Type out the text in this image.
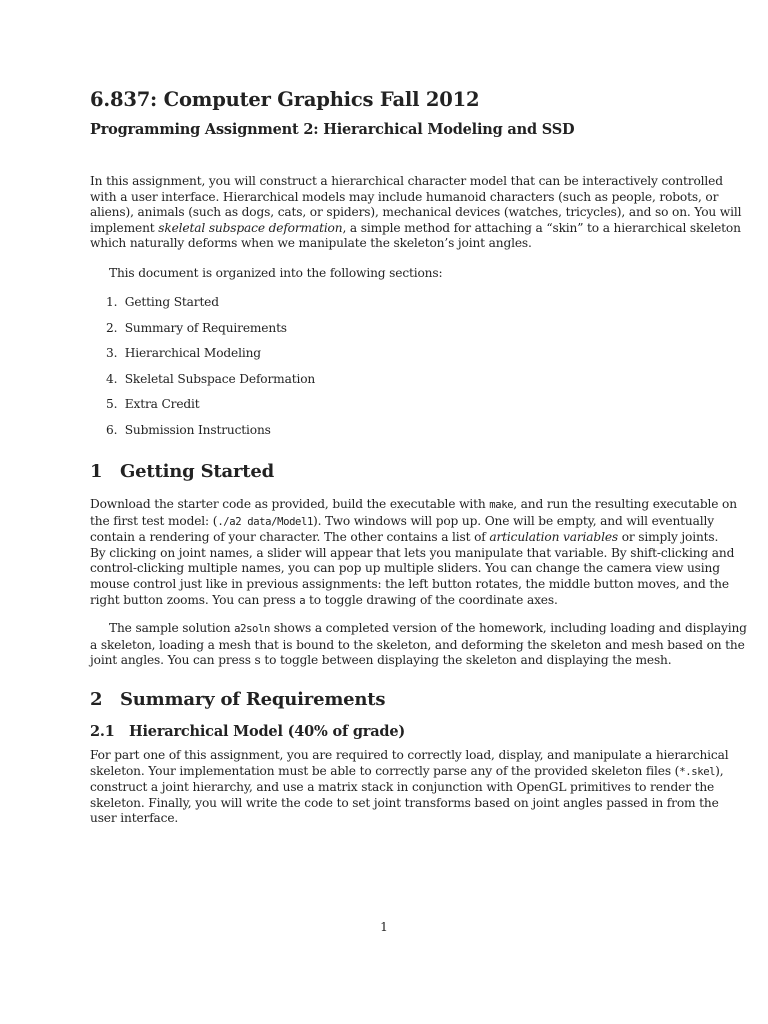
6.837: Computer Graphics Fall 2012
Programming Assignment 2: Hierarchical Modeling and SSD
In this assignment, you will construct a hierarchical character model that can be interactively controlled
with a user interface. Hierarchical models may include humanoid characters (such as people, robots, or
aliens), animals (such as dogs, cats, or spiders), mechanical devices (watches, tricycles), and so on. You will
implement skeletal subspace deformation, a simple method for attaching a “skin” to a hierarchical skeleton
which naturally deforms when we manipulate the skeleton’s joint angles.
This document is organized into the following sections:
1. Getting Started
2. Summary of Requirements
3. Hierarchical Modeling
4. Skeletal Subspace Deformation
5. Extra Credit
6. Submission Instructions
1 Getting Started
Download the starter code as provided, build the executable with make, and run the resulting executable on
the first test model: (./a2 data/Model1). Two windows will pop up. One will be empty, and will eventually
contain a rendering of your character. The other contains a list of articulation variables or simply joints.
By clicking on joint names, a slider will appear that lets you manipulate that variable. By shift-clicking and
control-clicking multiple names, you can pop up multiple sliders. You can change the camera view using
mouse control just like in previous assignments: the left button rotates, the middle button moves, and the
right button zooms. You can press a to toggle drawing of the coordinate axes.
The sample solution a2soln shows a completed version of the homework, including loading and displaying
a skeleton, loading a mesh that is bound to the skeleton, and deforming the skeleton and mesh based on the
joint angles. You can press s to toggle between displaying the skeleton and displaying the mesh.
2 Summary of Requirements
2.1 Hierarchical Model (40% of grade)
For part one of this assignment, you are required to correctly load, display, and manipulate a hierarchical
skeleton. Your implementation must be able to correctly parse any of the provided skeleton files (*.skel),
construct a joint hierarchy, and use a matrix stack in conjunction with OpenGL primitives to render the
skeleton. Finally, you will write the code to set joint transforms based on joint angles passed in from the
user interface.
1
